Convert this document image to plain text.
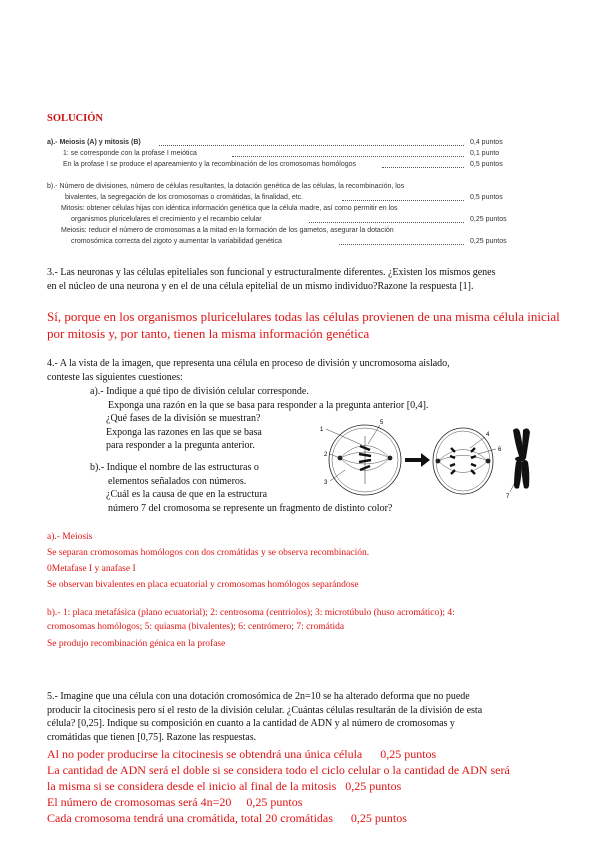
SOLUCIÓN
a).- Meiosis (A) y mitosis (B)	0,4 puntos
1: se corresponde con la profase I meiótica	0,1 punto
En la profase I se produce el apareamiento y la recombinación de los cromosomas homólogos	0,5 puntos
b).- Número de divisiones, número de células resultantes, la dotación genética de las células, la recombinación, los
bivalentes, la segregación de los cromosomas o cromátidas, la finalidad, etc.	0,5 puntos
Mitosis: obtener células hijas con idéntica información genética que la célula madre, así como permitir en los
organismos pluricelulares el crecimiento y el recambio celular	0,25 puntos
Meiosis: reducir el número de cromosomas a la mitad en la formación de los gametos, asegurar la dotación
cromosómica correcta del zigoto y aumentar la variabilidad genética	0,25 puntos
3.- Las neuronas y las células epiteliales son funcional y estructuralmente diferentes. ¿Existen los mismos genes
en el núcleo de una neurona y en el de una célula epitelial de un mismo individuo?Razone la respuesta [1].
Sí, porque en los organismos pluricelulares todas las células provienen de una misma célula inicial
por mitosis y, por tanto, tienen la misma información genética
4.- A la vista de la imagen, que representa una célula en proceso de división y uncromosoma aislado,
conteste las siguientes cuestiones:
a).- Indique a qué tipo de división celular corresponde.
Exponga una razón en la que se basa para responder a la pregunta anterior [0,4].
¿Qué fases de la división se muestran?
Exponga las razones en las que se basa
para responder a la pregunta anterior.
b).- Indique el nombre de las estructuras o
elementos señalados con números.
¿Cuál es la causa de que en la estructura
número 7 del cromosoma se represente un fragmento de distinto color?
1
2
3
5
4
6
7
a).- Meiosis
Se separan cromosomas homólogos con dos cromátidas y se observa recombinación.
0Metafase I y anafase I
Se observan bivalentes en placa ecuatorial y cromosomas homólogos separándose
b).- 1: placa metafásica (plano ecuatorial); 2: centrosoma (centriolos); 3: microtúbulo (huso acromático); 4:
cromosomas homólogos; 5: quiasma (bivalentes); 6: centrómero; 7: cromátida
Se produjo recombinación génica en la profase
5.- Imagine que una célula con una dotación cromosómica de 2n=10 se ha alterado deforma que no puede
producir la citocinesis pero sí el resto de la división celular. ¿Cuántas células resultarán de la división de esta
célula? [0,25]. Indique su composición en cuanto a la cantidad de ADN y al número de cromosomas y
cromátidas que tienen [0,75]. Razone las respuestas.
Al no poder producirse la citocinesis se obtendrá una única célula      0,25 puntos
La cantidad de ADN será el doble si se considera todo el ciclo celular o la cantidad de ADN será
la misma si se considera desde el inicio al final de la mitosis   0,25 puntos
El número de cromosomas será 4n=20     0,25 puntos
Cada cromosoma tendrá una cromátida, total 20 cromátidas      0,25 puntos
